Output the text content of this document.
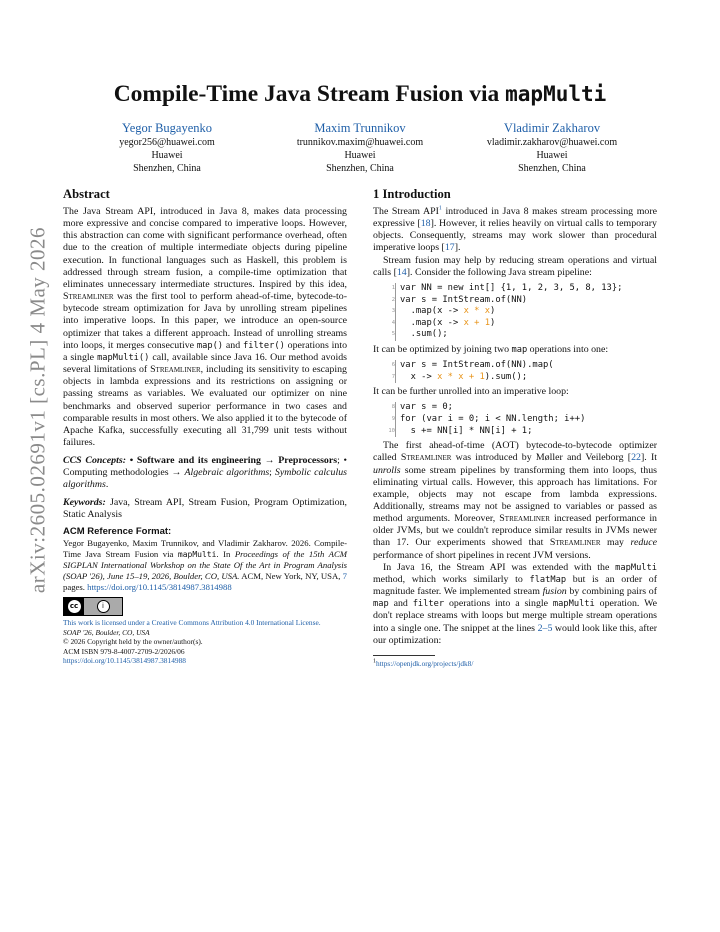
arXiv:2605.02691v1 [cs.PL] 4 May 2026
Compile-Time Java Stream Fusion via mapMulti
Yegor Bugayenko
yegor256@huawei.com
Huawei
Shenzhen, China
Maxim Trunnikov
trunnikov.maxim@huawei.com
Huawei
Shenzhen, China
Vladimir Zakharov
vladimir.zakharov@huawei.com
Huawei
Shenzhen, China
Abstract

The Java Stream API, introduced in Java 8, makes data processing more expressive and concise compared to imperative loops. However, this abstraction can come with significant performance overhead, often due to the creation of multiple intermediate objects during pipeline execution. In functional languages such as Haskell, this problem is addressed through stream fusion, a compile-time optimization that eliminates unnecessary intermediate structures. Inspired by this idea, Streamliner was the first tool to perform ahead-of-time, bytecode-to-bytecode stream optimization for Java by unrolling stream pipelines into imperative loops. In this paper, we introduce an open-source optimizer that takes a different approach. Instead of unrolling streams into loops, it merges consecutive map() and filter() operations into a single mapMulti() call, available since Java 16. Our method avoids several limitations of Streamliner, including its sensitivity to escaping objects in lambda expressions and its restrictions on assigning or passing streams as variables. We evaluated our optimizer on nine benchmarks and observed superior performance in two cases and comparable results in most others. We also applied it to the bytecode of Apache Kafka, successfully executing all 31,799 unit tests without failures.

CCS Concepts: • Software and its engineering → Preprocessors; • Computing methodologies → Algebraic algorithms; Symbolic calculus algorithms.

Keywords: Java, Stream API, Stream Fusion, Program Optimization, Static Analysis

ACM Reference Format:

Yegor Bugayenko, Maxim Trunnikov, and Vladimir Zakharov. 2026. Compile-Time Java Stream Fusion via mapMulti. In Proceedings of the 15th ACM SIGPLAN International Workshop on the State Of the Art in Program Analysis (SOAP '26), June 15–19, 2026, Boulder, CO, USA. ACM, New York, NY, USA, 7 pages. https://doi.org/10.1145/3814987.3814988

cc	i
This work is licensed under a Creative Commons Attribution 4.0 International License.
SOAP '26, Boulder, CO, USA
© 2026 Copyright held by the owner/author(s).
ACM ISBN 979-8-4007-2709-2/2026/06
https://doi.org/10.1145/3814987.3814988
1 Introduction

The Stream API$^1$ introduced in Java 8 makes stream processing more expressive [18]. However, it relies heavily on virtual calls to temporary objects. Consequently, streams may work slower than procedural imperative loops [17].

Stream fusion may help by reducing stream operations and virtual calls [14]. Consider the following Java stream pipeline:

1 var NN = new int[] {1, 1, 2, 3, 5, 8, 13};
2 var s = IntStream.of(NN)
3 .map(x -> x * x)
4 .map(x -> x + 1)
5 .sum();

It can be optimized by joining two map operations into one:

6 var s = IntStream.of(NN).map(
7 x -> x * x + 1).sum();

It can be further unrolled into an imperative loop:

8 var s = 0;
9 for (var i = 0; i < NN.length; i++)
10 s += NN[i] * NN[i] + 1;

The first ahead-of-time (AOT) bytecode-to-bytecode optimizer called Streamliner was introduced by Møller and Veileborg [22]. It unrolls some stream pipelines by transforming them into loops, thus eliminating virtual calls. However, this approach has limitations. For example, objects may not escape from lambda expressions. Additionally, streams may not be assigned to variables or passed as method arguments. Moreover, Streamliner increased performance in older JVMs, but we couldn't reproduce similar results in JVMs newer than 17. Our experiments showed that Streamliner may reduce performance of short pipelines in recent JVM versions.

In Java 16, the Stream API was extended with the mapMulti method, which works similarly to flatMap but is an order of magnitude faster. We implemented stream fusion by combining pairs of map and filter operations into a single mapMulti operation. We don't replace streams with loops but merge multiple stream operations into a single one. The snippet at the lines 2–5 would look like this, after our optimization:

$^1$https://openjdk.org/projects/jdk8/
